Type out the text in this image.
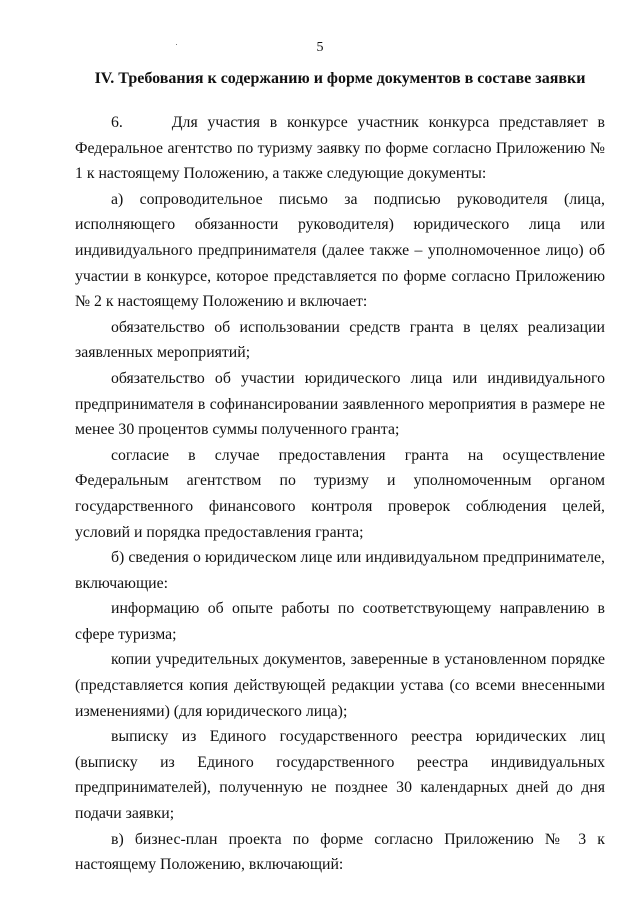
5
IV. Требования к содержанию и форме документов в составе заявки

6.     Для участия в конкурсе участник конкурса представляет в Федеральное агентство по туризму заявку по форме согласно Приложению № 1 к настоящему Положению, а также следующие документы:

а) сопроводительное письмо за подписью руководителя (лица, исполняющего обязанности руководителя) юридического лица или индивидуального предпринимателя (далее также – уполномоченное лицо) об участии в конкурсе, которое представляется по форме согласно Приложению № 2 к настоящему Положению и включает:

обязательство об использовании средств гранта в целях реализации заявленных мероприятий;

обязательство об участии юридического лица или индивидуального предпринимателя в софинансировании заявленного мероприятия в размере не менее 30 процентов суммы полученного гранта;

согласие в случае предоставления гранта на осуществление Федеральным агентством по туризму и уполномоченным органом государственного финансового контроля проверок соблюдения целей, условий и порядка предоставления гранта;

б) сведения о юридическом лице или индивидуальном предпринимателе, включающие:

информацию об опыте работы по соответствующему направлению в сфере туризма;

копии учредительных документов, заверенные в установленном порядке (представляется копия действующей редакции устава (со всеми внесенными изменениями) (для юридического лица);

выписку из Единого государственного реестра юридических лиц (выписку из Единого государственного реестра индивидуальных предпринимателей), полученную не позднее 30 календарных дней до дня подачи заявки;

в) бизнес-план проекта по форме согласно Приложению № 3 к настоящему Положению, включающий:
